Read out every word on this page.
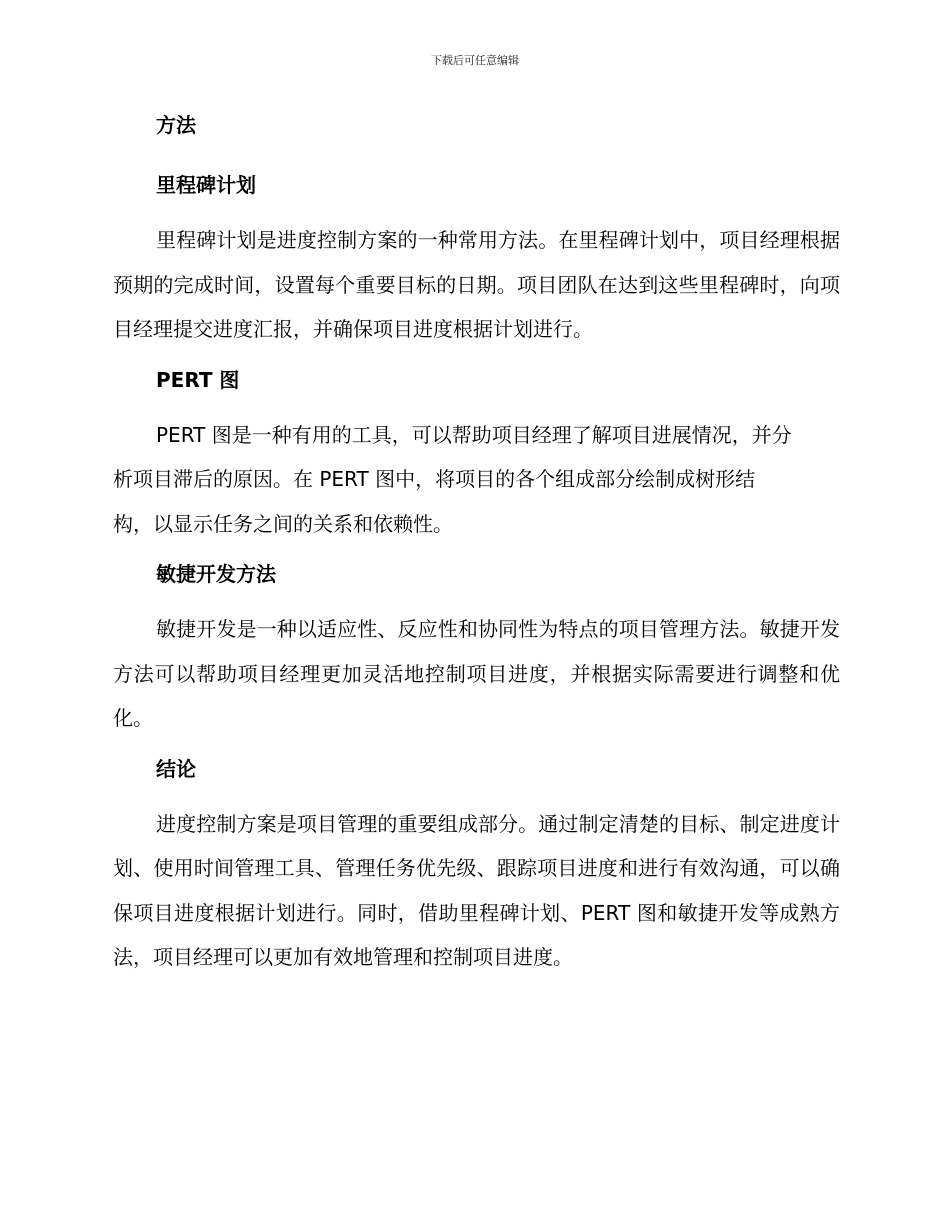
下载后可任意编辑
方法
里程碑计划

里程碑计划是进度控制方案的一种常用方法。在里程碑计划中，项目经理根据预期的完成时间，设置每个重要目标的日期。项目团队在达到这些里程碑时，向项目经理提交进度汇报，并确保项目进度根据计划进行。

PERT 图

PERT 图是一种有用的工具，可以帮助项目经理了解项目进展情况，并分
析项目滞后的原因。在 PERT 图中，将项目的各个组成部分绘制成树形结
构，以显示任务之间的关系和依赖性。

敏捷开发方法

敏捷开发是一种以适应性、反应性和协同性为特点的项目管理方法。敏捷开发方法可以帮助项目经理更加灵活地控制项目进度，并根据实际需要进行调整和优化。

结论

进度控制方案是项目管理的重要组成部分。通过制定清楚的目标、制定进度计划、使用时间管理工具、管理任务优先级、跟踪项目进度和进行有效沟通，可以确保项目进度根据计划进行。同时，借助里程碑计划、PERT 图和敏捷开发等成熟方法，项目经理可以更加有效地管理和控制项目进度。
